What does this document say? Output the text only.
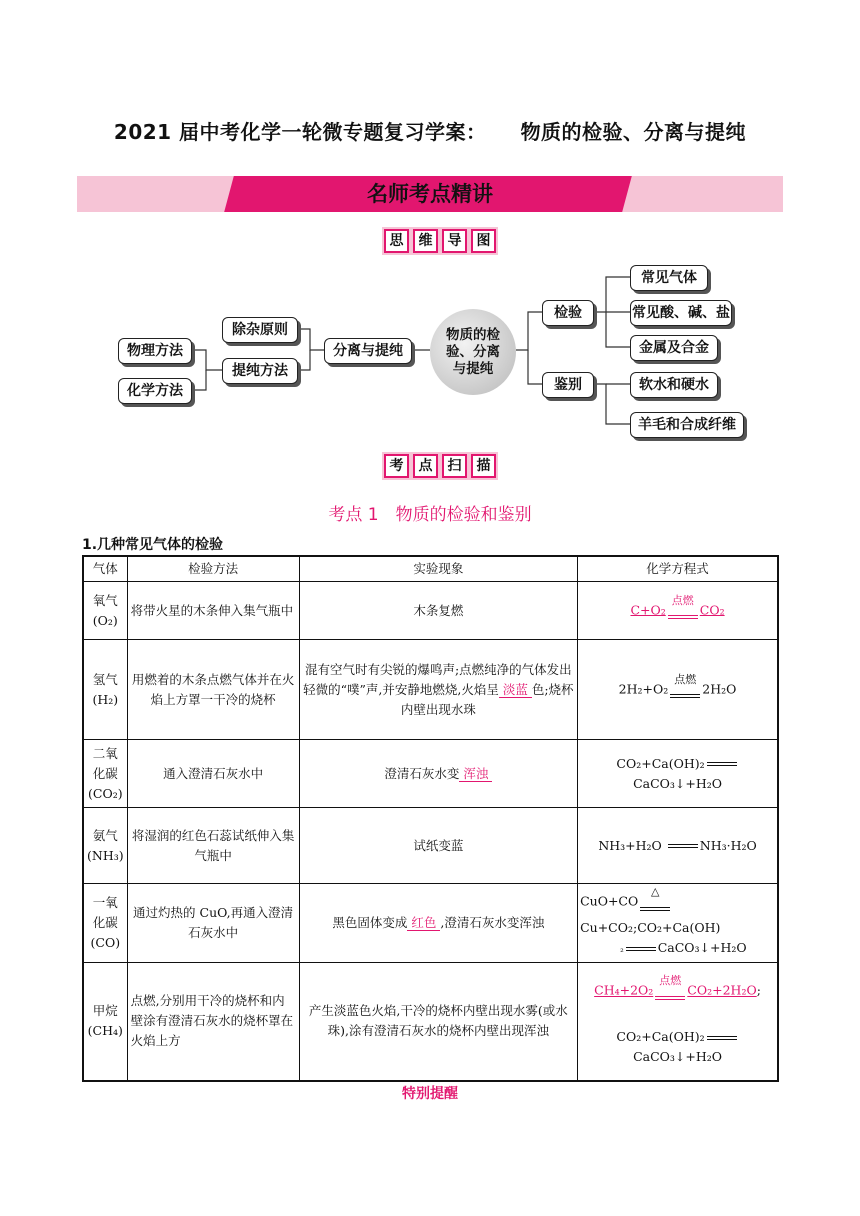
2021 届中考化学一轮微专题复习学案： 物质的检验、分离与提纯
名师考点精讲
思	维	导	图
物理方法
化学方法
除杂原则
提纯方法
分离与提纯
物质的检验、分离与提纯
检验
鉴别
常见气体
常见酸、碱、盐
金属及合金
软水和硬水
羊毛和合成纤维
考	点	扫	描
考点 1　物质的检验和鉴别
1.几种常见气体的检验
气体	检验方法	实验现象	化学方程式
氧气(O₂)	将带火星的木条伸入集气瓶中	木条复燃	C+O₂
点燃
CO₂
氢气(H₂)	用燃着的木条点燃气体并在火焰上方罩一干冷的烧杯	混有空气时有尖锐的爆鸣声;点燃纯净的气体发出轻微的“噗”声,并安静地燃烧,火焰呈 淡蓝 色;烧杯内壁出现水珠	2H₂+O₂
点燃
2H₂O
二氧化碳(CO₂)	通入澄清石灰水中	澄清石灰水变 浑浊	CO₂+Ca(OH)₂CaCO₃↓+H₂O
氨气(NH₃)	将湿润的红色石蕊试纸伸入集气瓶中	试纸变蓝	NH₃+H₂O NH₃·H₂O
一氧化碳(CO)	通过灼热的 CuO,再通入澄清石灰水中	黑色固体变成 红色 ,澄清石灰水变浑浊	CuO+CO
△
Cu+CO₂;CO₂+Ca(OH)
₂ CaCO₃↓+H₂O
甲烷(CH₄)	点燃,分别用干冷的烧杯和内壁涂有澄清石灰水的烧杯罩在火焰上方	产生淡蓝色火焰,干冷的烧杯内壁出现水雾(或水珠),涂有澄清石灰水的烧杯内壁出现浑浊	CH₄+2O₂
点燃
CO₂+2H₂O;

CO₂+Ca(OH)₂CaCO₃↓+H₂O
特别提醒
